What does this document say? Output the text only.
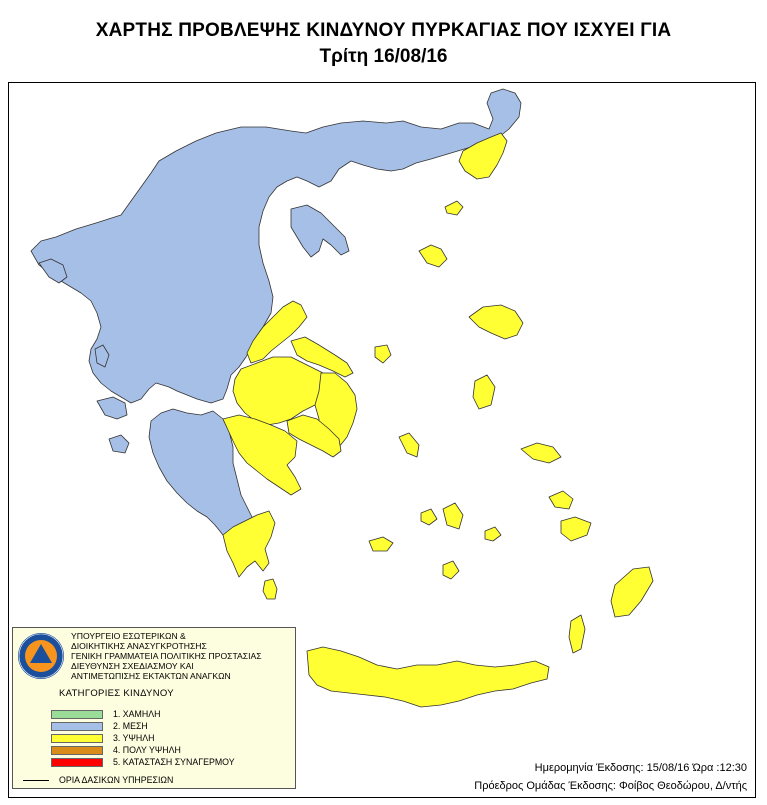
ΧΑΡΤΗΣ ΠΡΟΒΛΕΨΗΣ ΚΙΝΔΥΝΟΥ ΠΥΡΚΑΓΙΑΣ ΠΟΥ ΙΣΧΥΕΙ ΓΙΑ
Τρίτη 16/08/16
ΥΠΟΥΡΓΕΙΟ ΕΣΩΤΕΡΙΚΩΝ &
ΔΙΟΙΚΗΤΙΚΗΣ ΑΝΑΣΥΓΚΡΟΤΗΣΗΣ
ΓΕΝΙΚΗ ΓΡΑΜΜΑΤΕΙΑ ΠΟΛΙΤΙΚΗΣ ΠΡΟΣΤΑΣΙΑΣ
ΔΙΕΥΘΥΝΣΗ ΣΧΕΔΙΑΣΜΟΥ ΚΑΙ
ΑΝΤΙΜΕΤΩΠΙΣΗΣ ΕΚΤΑΚΤΩΝ ΑΝΑΓΚΩΝ
ΚΑΤΗΓΟΡΙΕΣ ΚΙΝΔΥΝΟΥ
1. ΧΑΜΗΛΗ
2. ΜΕΣΗ
3. ΥΨΗΛΗ
4. ΠΟΛΥ ΥΨΗΛΗ
5. ΚΑΤΑΣΤΑΣΗ ΣΥΝΑΓΕΡΜΟΥ
ΟΡΙΑ ΔΑΣΙΚΩΝ ΥΠΗΡΕΣΙΩΝ
Ημερομηνία Έκδοσης: 15/08/16 Ώρα :12:30
Πρόεδρος Ομάδας Έκδοσης: Φοίβος Θεοδώρου, Δ/ντής
